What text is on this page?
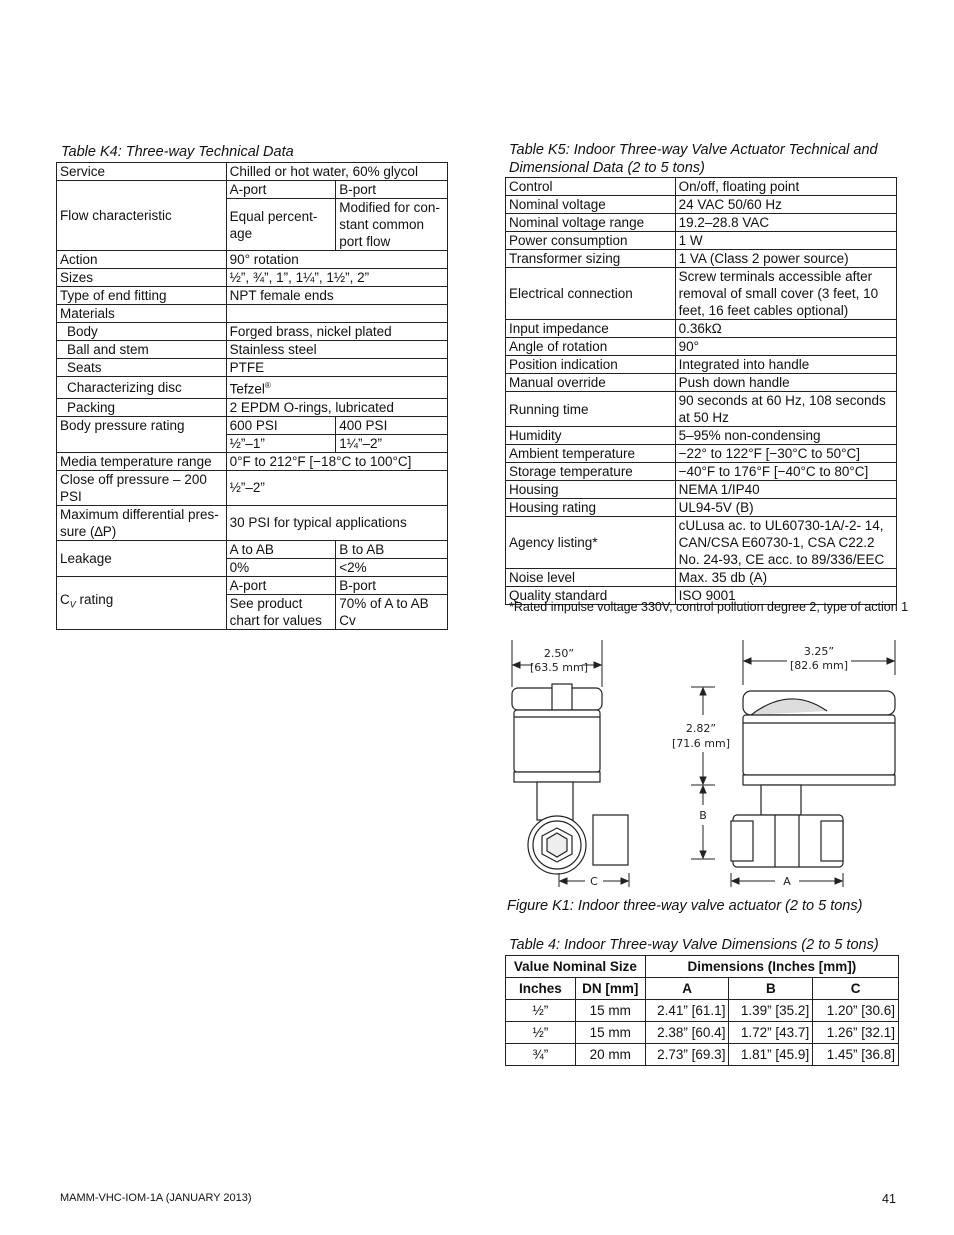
Table K4: Three-way Technical Data
Service	Chilled or hot water, 60% glycol	
Flow characteristic	A-port	B-port
	Equal percent-age	Modified for con-stant common port flow
Action	90° rotation	
Sizes	½”, ¾”, 1”, 1¼”, 1½”, 2”	
Type of end fitting	NPT female ends	
Materials		
Body	Forged brass, nickel plated	
Ball and stem	Stainless steel	
Seats	PTFE	
Characterizing disc	Tefzel®
Packing	2 EPDM O-rings, lubricated	
Body pressure rating	600 PSI	400 PSI
	½”–1”	1¼”–2”
Media temperature range	0°F to 212°F [−18°C to 100°C]	
Close off pressure – 200 PSI	½”–2”	
Maximum differential pres-sure (∆P)	30 PSI for typical applications	
Leakage	A to AB	B to AB
	0%	<2%
$C_V$ rating	A-port	B-port
	See product chart for values	70% of A to AB Cv
Table K5: Indoor Three-way Valve Actuator Technical and Dimensional Data (2 to 5 tons)
Control	On/off, floating point
Nominal voltage	24 VAC 50/60 Hz
Nominal voltage range	19.2–28.8 VAC
Power consumption	1 W
Transformer sizing	1 VA (Class 2 power source)
Electrical connection	Screw terminals accessible after removal of small cover (3 feet, 10 feet, 16 feet cables optional)
Input impedance	0.36kΩ
Angle of rotation	90°
Position indication	Integrated into handle
Manual override	Push down handle
Running time	90 seconds at 60 Hz, 108 seconds at 50 Hz
Humidity	5–95% non-condensing
Ambient temperature	−22° to 122°F [−30°C to 50°C]
Storage temperature	−40°F to 176°F [−40°C to 80°C]
Housing	NEMA 1/IP40
Housing rating	UL94-5V (B)
Agency listing*	cULusa ac. to UL60730-1A/-2- 14, CAN/CSA E60730-1, CSA C22.2 No. 24-93, CE acc. to 89/336/EEC
Noise level	Max. 35 db (A)
Quality standard	ISO 9001
*Rated impulse voltage 330V, control pollution degree 2, type of action 1
2.50”
[63.5 mm]
3.25”
[82.6 mm]
2.82”
[71.6 mm]
B
C	A
Figure K1: Indoor three-way valve actuator (2 to 5 tons)
Table 4: Indoor Three-way Valve Dimensions (2 to 5 tons)
Value Nominal Size		Dimensions (Inches [mm])		
Inches	DN [mm]	A	B	C
½”	15 mm	2.41” [61.1]	1.39” [35.2]	1.20” [30.6]
½”	15 mm	2.38” [60.4]	1.72” [43.7]	1.26” [32.1]
¾”	20 mm	2.73” [69.3]	1.81” [45.9]	1.45” [36.8]
MAMM-VHC-IOM-1A (JANUARY 2013)	41
